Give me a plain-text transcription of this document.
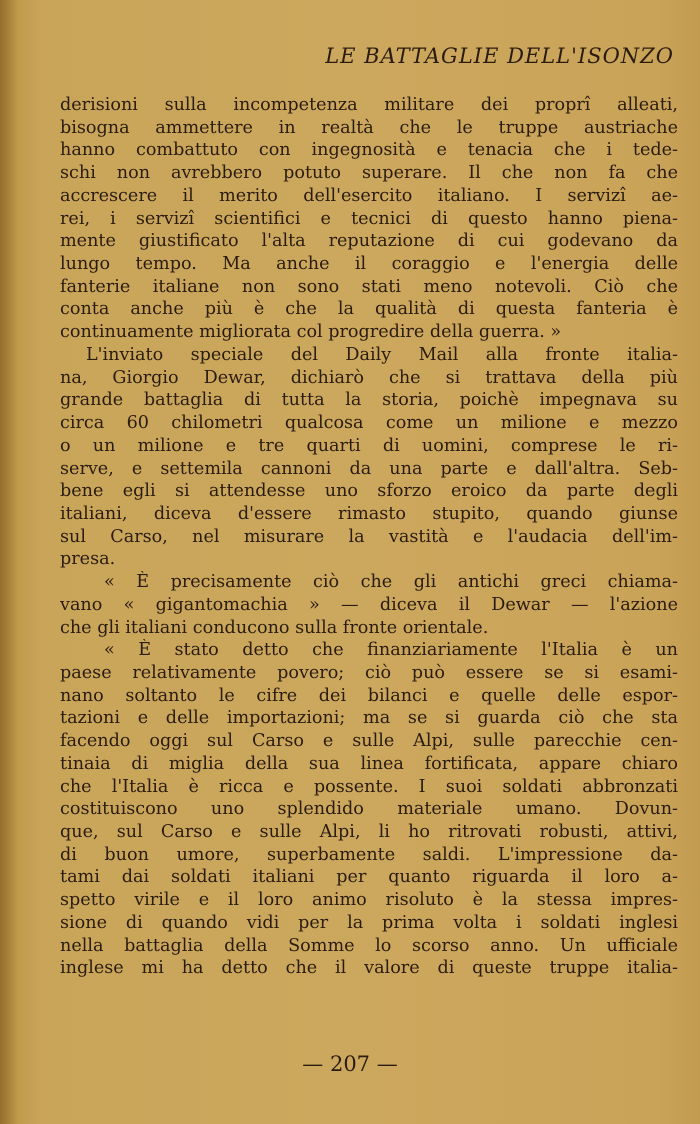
LE BATTAGLIE DELL'ISONZO
derisioni sulla incompetenza militare dei proprî alleati,
bisogna ammettere in realtà che le truppe austriache
hanno combattuto con ingegnosità e tenacia che i tede-
schi non avrebbero potuto superare. Il che non fa che
accrescere il merito dell'esercito italiano. I servizî ae-
rei, i servizî scientifici e tecnici di questo hanno piena-
mente giustificato l'alta reputazione di cui godevano da
lungo tempo. Ma anche il coraggio e l'energia delle
fanterie italiane non sono stati meno notevoli. Ciò che
conta anche più è che la qualità di questa fanteria è
continuamente migliorata col progredire della guerra. »
L'inviato speciale del Daily Mail alla fronte italia-
na, Giorgio Dewar, dichiarò che si trattava della più
grande battaglia di tutta la storia, poichè impegnava su
circa 60 chilometri qualcosa come un milione e mezzo
o un milione e tre quarti di uomini, comprese le ri-
serve, e settemila cannoni da una parte e dall'altra. Seb-
bene egli si attendesse uno sforzo eroico da parte degli
italiani, diceva d'essere rimasto stupito, quando giunse
sul Carso, nel misurare la vastità e l'audacia dell'im-
presa.
« È precisamente ciò che gli antichi greci chiama-
vano « gigantomachia » — diceva il Dewar — l'azione
che gli italiani conducono sulla fronte orientale.
« È stato detto che finanziariamente l'Italia è un
paese relativamente povero; ciò può essere se si esami-
nano soltanto le cifre dei bilanci e quelle delle espor-
tazioni e delle importazioni; ma se si guarda ciò che sta
facendo oggi sul Carso e sulle Alpi, sulle parecchie cen-
tinaia di miglia della sua linea fortificata, appare chiaro
che l'Italia è ricca e possente. I suoi soldati abbronzati
costituiscono uno splendido materiale umano. Dovun-
que, sul Carso e sulle Alpi, li ho ritrovati robusti, attivi,
di buon umore, superbamente saldi. L'impressione da-
tami dai soldati italiani per quanto riguarda il loro a-
spetto virile e il loro animo risoluto è la stessa impres-
sione di quando vidi per la prima volta i soldati inglesi
nella battaglia della Somme lo scorso anno. Un ufficiale
inglese mi ha detto che il valore di queste truppe italia-
— 207 —
